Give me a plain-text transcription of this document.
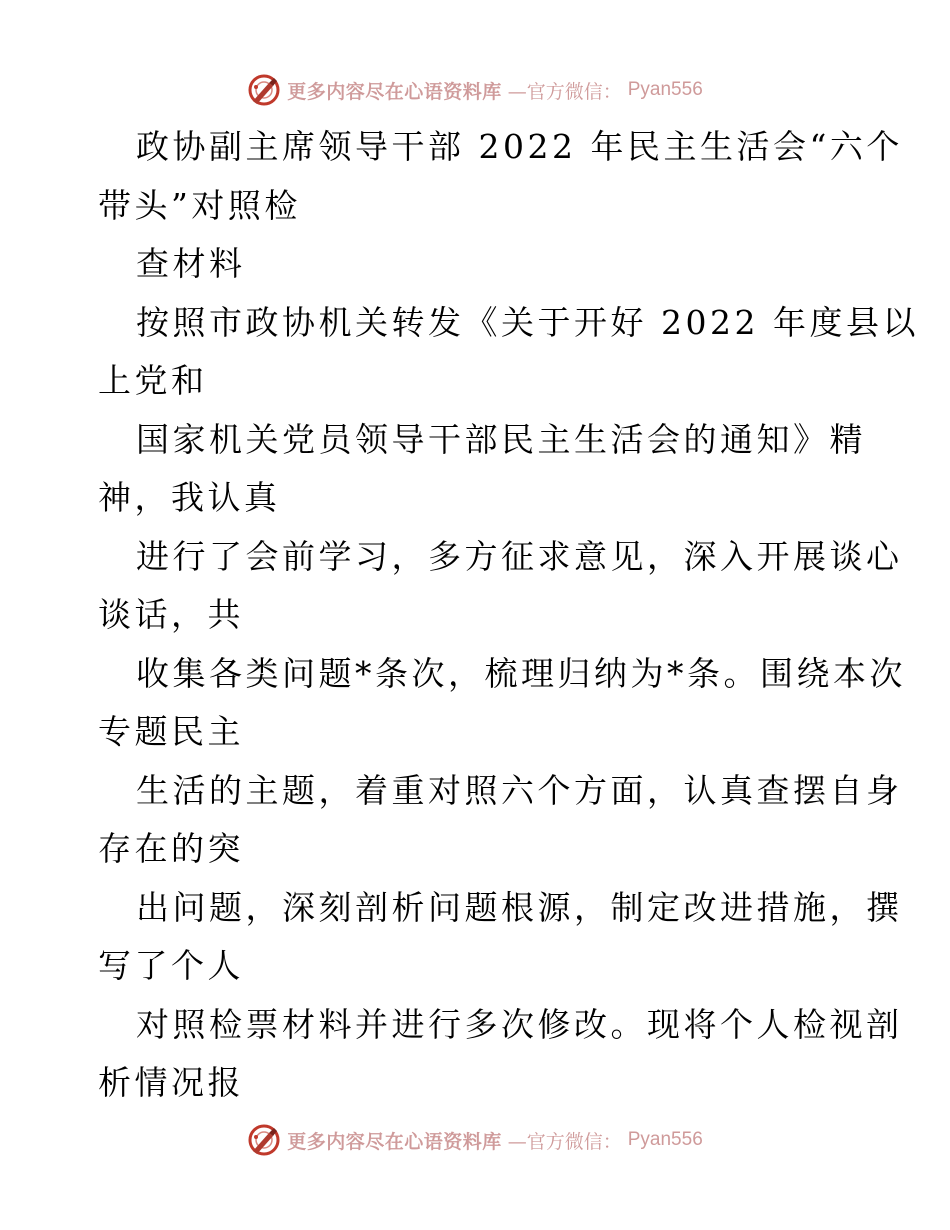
更多内容尽在心语资料库 —官方微信： Pyan556
政协副主席领导干部 2022 年民主生活会“六个
带头”对照检
查材料
按照市政协机关转发《关于开好 2022 年度县以
上党和
国家机关党员领导干部民主生活会的通知》精
神，我认真
进行了会前学习，多方征求意见，深入开展谈心
谈话，共
收集各类问题*条次，梳理归纳为*条。围绕本次
专题民主
生活的主题，着重对照六个方面，认真查摆自身
存在的突
出问题，深刻剖析问题根源，制定改进措施，撰
写了个人
对照检票材料并进行多次修改。现将个人检视剖
析情况报
更多内容尽在心语资料库 —官方微信： Pyan556
